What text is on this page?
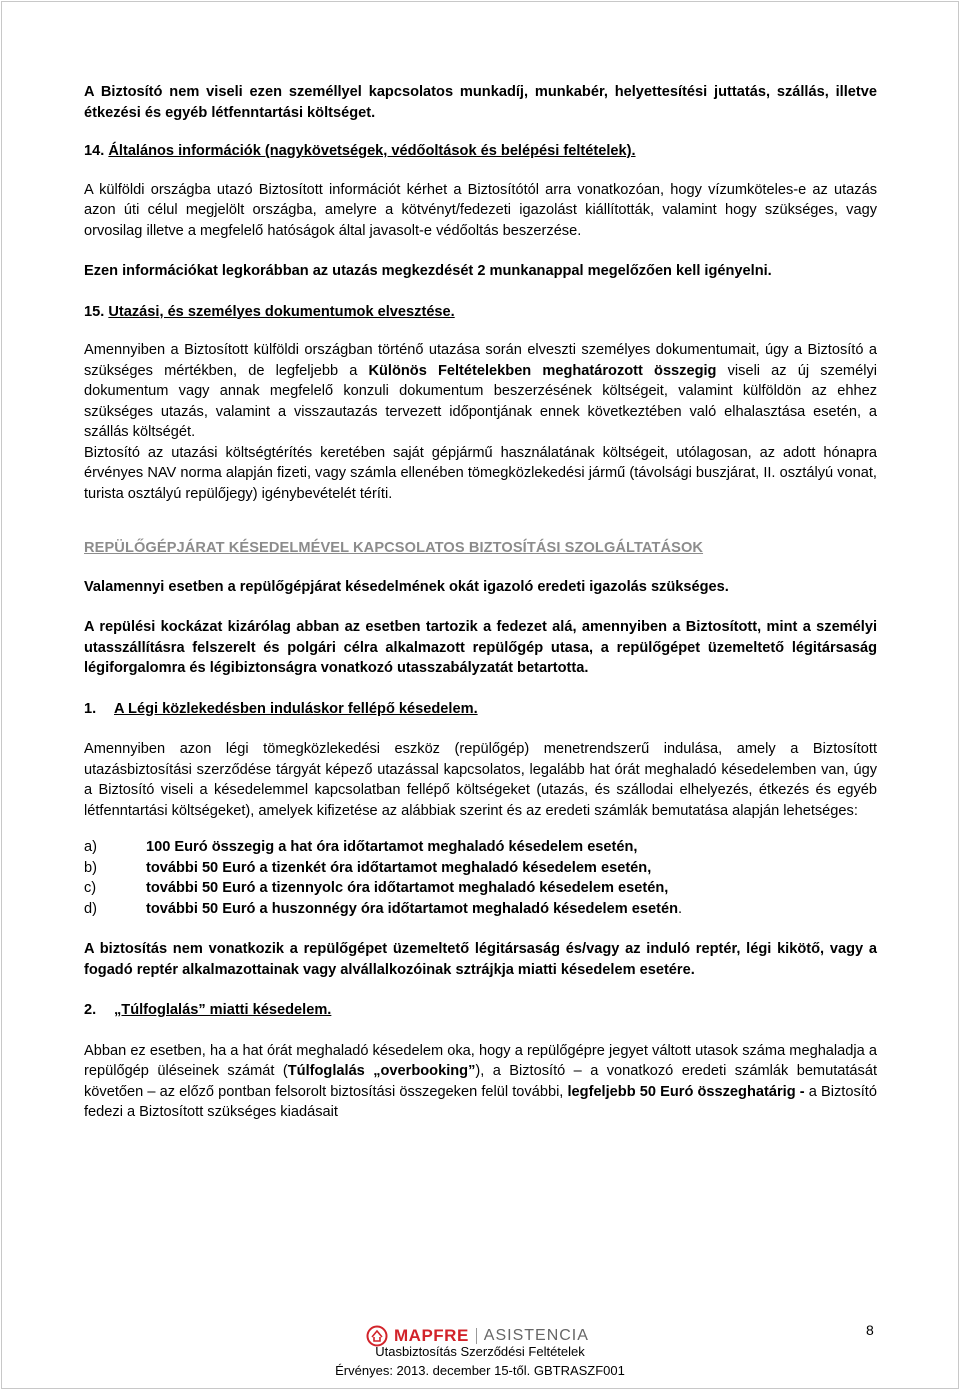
A Biztosító nem viseli ezen személlyel kapcsolatos munkadíj, munkabér, helyettesítési juttatás, szállás, illetve étkezési és egyéb létfenntartási költséget.

14. Általános információk (nagykövetségek, védőoltások és belépési feltételek).

A külföldi országba utazó Biztosított információt kérhet a Biztosítótól arra vonatkozóan, hogy vízumköteles-e az utazás azon úti célul megjelölt országba, amelyre a kötvényt/fedezeti igazolást kiállították, valamint hogy szükséges, vagy orvosilag illetve a megfelelő hatóságok által javasolt-e védőoltás beszerzése.

Ezen információkat legkorábban az utazás megkezdését 2 munkanappal megelőzően kell igényelni.

15. Utazási, és személyes dokumentumok elvesztése.

Amennyiben a Biztosított külföldi országban történő utazása során elveszti személyes dokumentumait, úgy a Biztosító a szükséges mértékben, de legfeljebb a Különös Feltételekben meghatározott összegig viseli az új személyi dokumentum vagy annak megfelelő konzuli dokumentum beszerzésének költségeit, valamint külföldön az ehhez szükséges utazás, valamint a visszautazás tervezett időpontjának ennek következtében való elhalasztása esetén, a szállás költségét.

Biztosító az utazási költségtérítés keretében saját gépjármű használatának költségeit, utólagosan, az adott hónapra érvényes NAV norma alapján fizeti, vagy számla ellenében tömegközlekedési jármű (távolsági buszjárat, II. osztályú vonat, turista osztályú repülőjegy) igénybevételét téríti.

REPÜLŐGÉPJÁRAT KÉSEDELMÉVEL KAPCSOLATOS BIZTOSÍTÁSI SZOLGÁLTATÁSOK

Valamennyi esetben a repülőgépjárat késedelmének okát igazoló eredeti igazolás szükséges.

A repülési kockázat kizárólag abban az esetben tartozik a fedezet alá, amennyiben a Biztosított, mint a személyi utasszállításra felszerelt és polgári célra alkalmazott repülőgép utasa, a repülőgépet üzemeltető légitársaság légiforgalomra és légibiztonságra vonatkozó utasszabályzatát betartotta.

1. A Légi közlekedésben induláskor fellépő késedelem.

Amennyiben azon légi tömegközlekedési eszköz (repülőgép) menetrendszerű indulása, amely a Biztosított utazásbiztosítási szerződése tárgyát képező utazással kapcsolatos, legalább hat órát meghaladó késedelemben van, úgy a Biztosító viseli a késedelemmel kapcsolatban fellépő költségeket (utazás, és szállodai elhelyezés, étkezés és egyéb létfenntartási költségeket), amelyek kifizetése az alábbiak szerint és az eredeti számlák bemutatása alapján lehetséges:

a)	100 Euró összegig a hat óra időtartamot meghaladó késedelem esetén,
b)	további 50 Euró a tizenkét óra időtartamot meghaladó késedelem esetén,
c)	további 50 Euró a tizennyolc óra időtartamot meghaladó késedelem esetén,
d)	további 50 Euró a huszonnégy óra időtartamot meghaladó késedelem esetén .

A biztosítás nem vonatkozik a repülőgépet üzemeltető légitársaság és/vagy az induló reptér, légi kikötő, vagy a fogadó reptér alkalmazottainak vagy alvállalkozóinak sztrájkja miatti késedelem esetére.

2. „Túlfoglalás” miatti késedelem.

Abban ez esetben, ha a hat órát meghaladó késedelem oka, hogy a repülőgépre jegyet váltott utasok száma meghaladja a repülőgép üléseinek számát (Túlfoglalás „overbooking”), a Biztosító – a vonatkozó eredeti számlák bemutatását követően – az előző pontban felsorolt biztosítási összegeken felül további, legfeljebb 50 Euró összeghatárig - a Biztosító fedezi a Biztosított szükséges kiadásait

MAPFRE ASISTENCIA
Utasbiztosítás Szerződési Feltételek
Érvényes: 2013. december 15-től. GBTRASZF001
8
